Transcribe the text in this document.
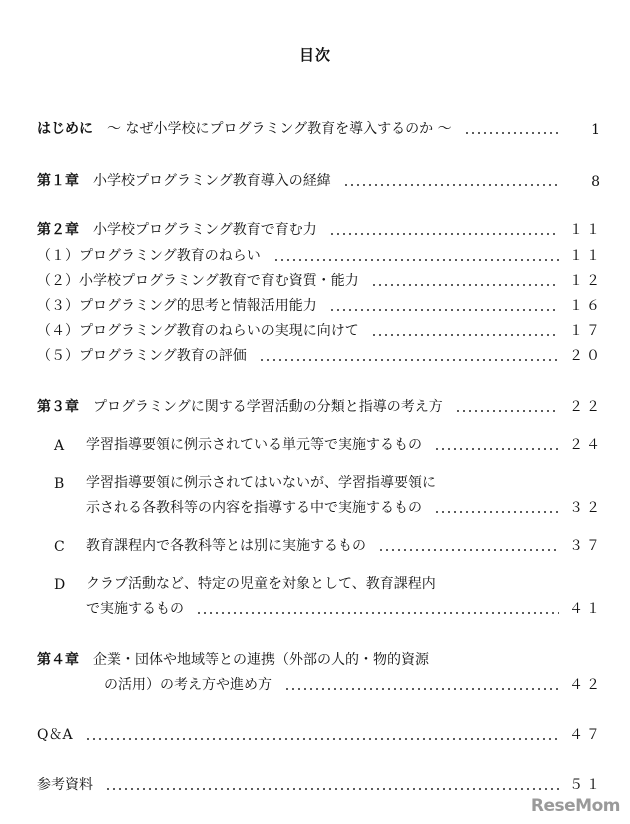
目次
はじめに ～ なぜ小学校にプログラミング教育を導入するのか ～	1
第１章 小学校プログラミング教育導入の経緯	8
第２章 小学校プログラミング教育で育む力	１１
（１） プログラミング教育のねらい	１１
（２） 小学校プログラミング教育で育む資質・能力	１２
（３） プログラミング的思考と情報活用能力	１６
（４） プログラミング教育のねらいの実現に向けて	１７
（５） プログラミング教育の評価	２０
第３章 プログラミングに関する学習活動の分類と指導の考え方	２２
A	学習指導要領に例示されている単元等で実施するもの	２４
B	学習指導要領に例示されてはいないが、学習指導要領に
示される各教科等の内容を指導する中で実施するもの	３２
C	教育課程内で各教科等とは別に実施するもの	３７
D	クラブ活動など、特定の児童を対象として、教育課程内
で実施するもの	４１
第４章 企業・団体や地域等との連携（外部の人的・物的資源
の活用）の考え方や進め方	４２
Q＆A	４７
参考資料	５１
ReseMom
